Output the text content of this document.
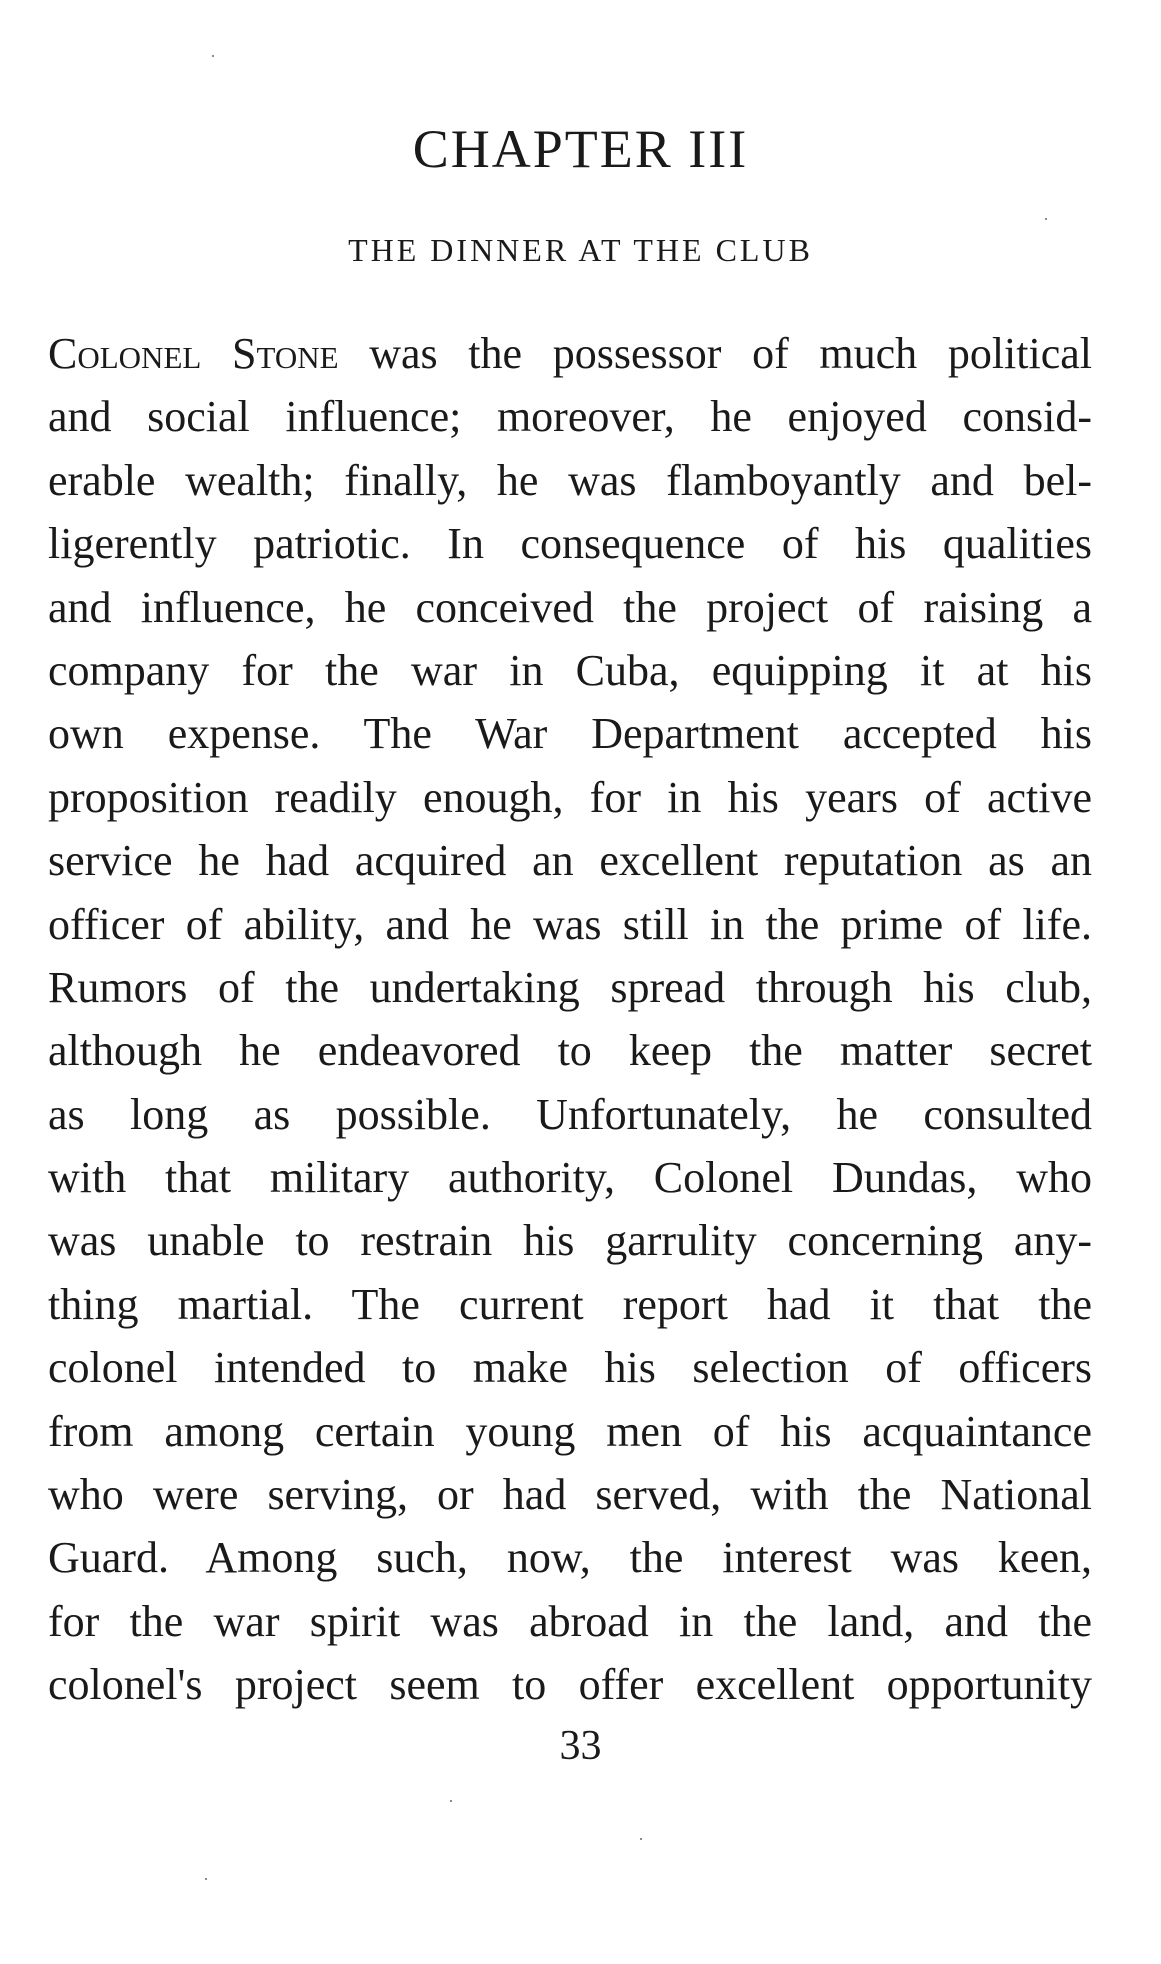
CHAPTER III
THE DINNER AT THE CLUB
Colonel Stone was the possessor of much political
and social influence; moreover, he enjoyed consid-
erable wealth; finally, he was flamboyantly and bel-
ligerently patriotic. In consequence of his qualities
and influence, he conceived the project of raising a
company for the war in Cuba, equipping it at his
own expense. The War Department accepted his
proposition readily enough, for in his years of active
service he had acquired an excellent reputation as an
officer of ability, and he was still in the prime of life.
Rumors of the undertaking spread through his club,
although he endeavored to keep the matter secret
as long as possible. Unfortunately, he consulted
with that military authority, Colonel Dundas, who
was unable to restrain his garrulity concerning any-
thing martial. The current report had it that the
colonel intended to make his selection of officers
from among certain young men of his acquaintance
who were serving, or had served, with the National
Guard. Among such, now, the interest was keen,
for the war spirit was abroad in the land, and the
colonel's project seem to offer excellent opportunity
33
